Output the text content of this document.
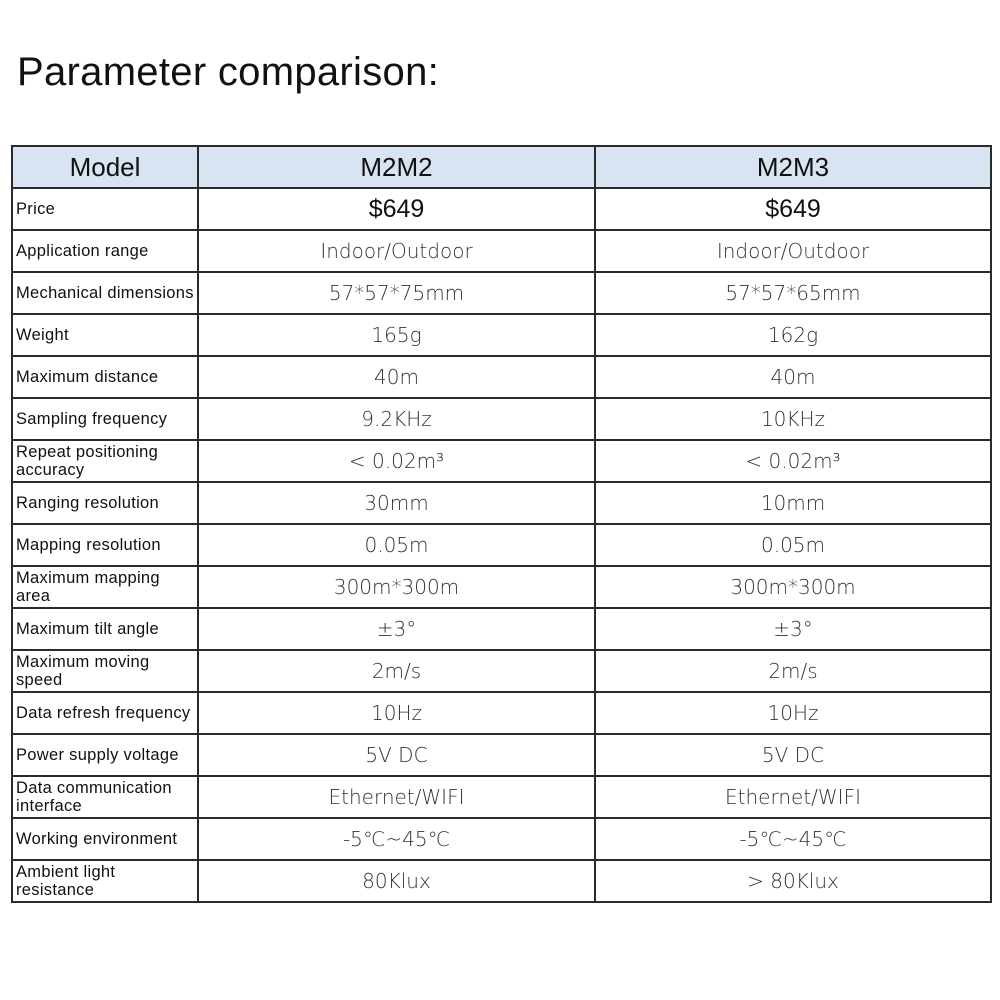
Parameter comparison:
Model	M2M2	M2M3
Price	$649	$649
Application range	Indoor/Outdoor	Indoor/Outdoor
Mechanical dimensions	57*57*75mm	57*57*65mm
Weight	165g	162g
Maximum distance	40m	40m
Sampling frequency	9.2KHz	10KHz
Repeat positioning accuracy	< 0.02m³	< 0.02m³
Ranging resolution	30mm	10mm
Mapping resolution	0.05m	0.05m
Maximum mapping area	300m*300m	300m*300m
Maximum tilt angle	±3°	±3°
Maximum moving speed	2m/s	2m/s
Data refresh frequency	10Hz	10Hz
Power supply voltage	5V DC	5V DC
Data communication interface	Ethernet/WIFI	Ethernet/WIFI
Working environment	-5℃~45℃	-5℃~45℃
Ambient light resistance	80Klux	> 80Klux
